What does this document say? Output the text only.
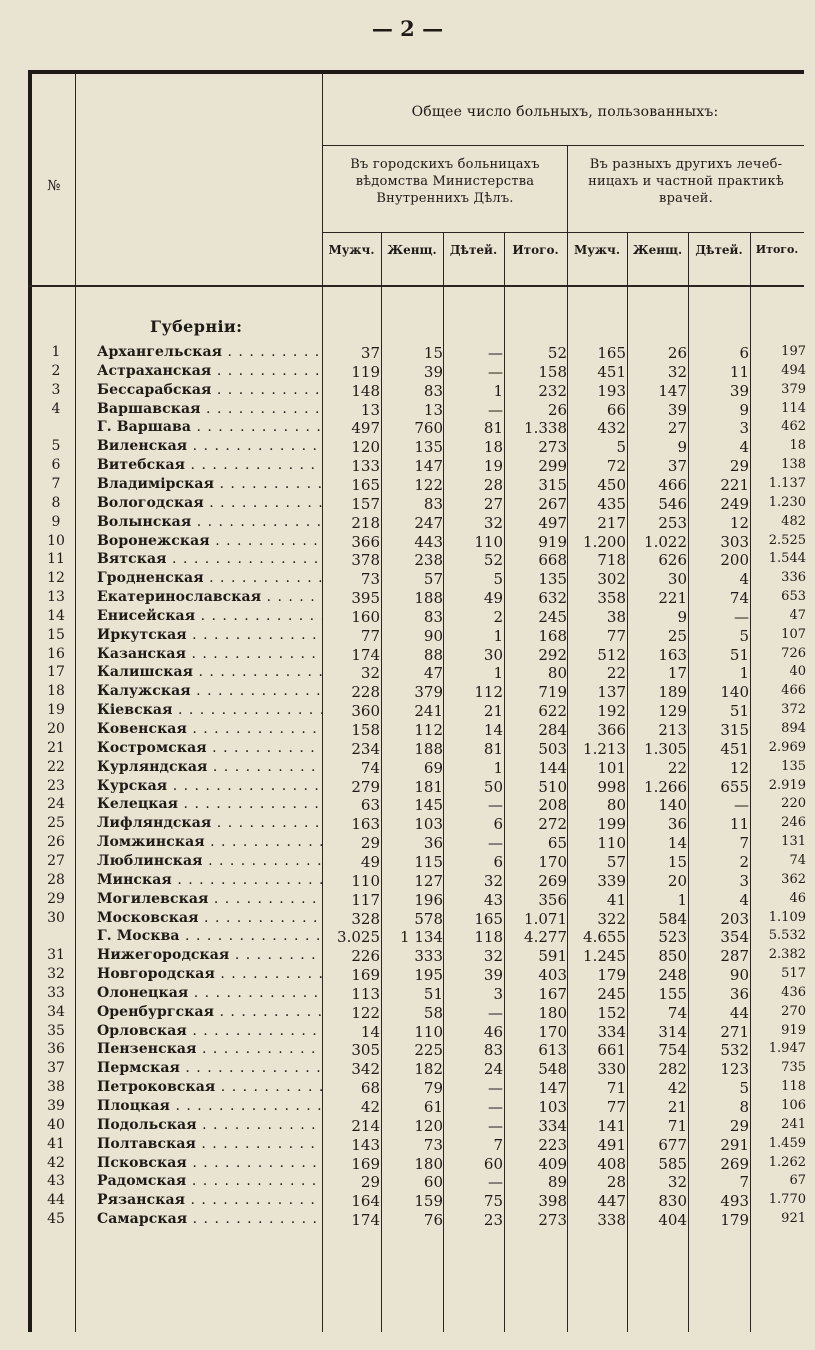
— 2 —
№
Общее число больныхъ, пользованныхъ:
Въ городскихъ больницахъ вѣдомства Министерства Внутреннихъ Дѣлъ.
Въ разныхъ другихъ лечеб-ницахъ и частной практикѣ врачей.
Мужч.	Женщ.	Дѣтей.	Итого.	Мужч.	Женщ.	Дѣтей.	Итого.
Губерніи:
1	Архангельская . . .	37	15	—	52	165	26	6	197
2	Астраханская . . .	119	39	—	158	451	32	11	494
3	Бессарабская . . .	148	83	1	232	193	147	39	379
4	Варшавская . . .	13	13	—	26	66	39	9	114
Г. Варшава . . .	497	760	81	1.338	432	27	3	462
5	Виленская . . .	120	135	18	273	5	9	4	18
6	Витебская . . .	133	147	19	299	72	37	29	138
7	Владимірская . . .	165	122	28	315	450	466	221	1.137
8	Вологодская . . .	157	83	27	267	435	546	249	1.230
9	Волынская . . .	218	247	32	497	217	253	12	482
10	Воронежская . . .	366	443	110	919	1.200	1.022	303	2.525
11	Вятская . . .	378	238	52	668	718	626	200	1.544
12	Гродненская . . .	73	57	5	135	302	30	4	336
13	Екатеринославская . . .	395	188	49	632	358	221	74	653
14	Енисейская . . .	160	83	2	245	38	9	—	47
15	Иркутская . . .	77	90	1	168	77	25	5	107
16	Казанская . . .	174	88	30	292	512	163	51	726
17	Калишская . . .	32	47	1	80	22	17	1	40
18	Калужская . . .	228	379	112	719	137	189	140	466
19	Кіевская . . .	360	241	21	622	192	129	51	372
20	Ковенская . . .	158	112	14	284	366	213	315	894
21	Костромская . . .	234	188	81	503	1.213	1.305	451	2.969
22	Курляндская . . .	74	69	1	144	101	22	12	135
23	Курская . . .	279	181	50	510	998	1.266	655	2.919
24	Келецкая . . .	63	145	—	208	80	140	—	220
25	Лифляндская . . .	163	103	6	272	199	36	11	246
26	Ломжинская . . .	29	36	—	65	110	14	7	131
27	Люблинская . . .	49	115	6	170	57	15	2	74
28	Минская . . .	110	127	32	269	339	20	3	362
29	Могилевская . . .	117	196	43	356	41	1	4	46
30	Московская . . .	328	578	165	1.071	322	584	203	1.109
Г. Москва . . .	3.025	1 134	118	4.277	4.655	523	354	5.532
31	Нижегородская . . .	226	333	32	591	1.245	850	287	2.382
32	Новгородская . . .	169	195	39	403	179	248	90	517
33	Олонецкая . . .	113	51	3	167	245	155	36	436
34	Оренбургская . . .	122	58	—	180	152	74	44	270
35	Орловская . . .	14	110	46	170	334	314	271	919
36	Пензенская . . .	305	225	83	613	661	754	532	1.947
37	Пермская . . .	342	182	24	548	330	282	123	735
38	Петроковская . . .	68	79	—	147	71	42	5	118
39	Плоцкая . . .	42	61	—	103	77	21	8	106
40	Подольская . . .	214	120	—	334	141	71	29	241
41	Полтавская . . .	143	73	7	223	491	677	291	1.459
42	Псковская . . .	169	180	60	409	408	585	269	1.262
43	Радомская . . .	29	60	—	89	28	32	7	67
44	Рязанская . . .	164	159	75	398	447	830	493	1.770
45	Самарская . . .	174	76	23	273	338	404	179	921
